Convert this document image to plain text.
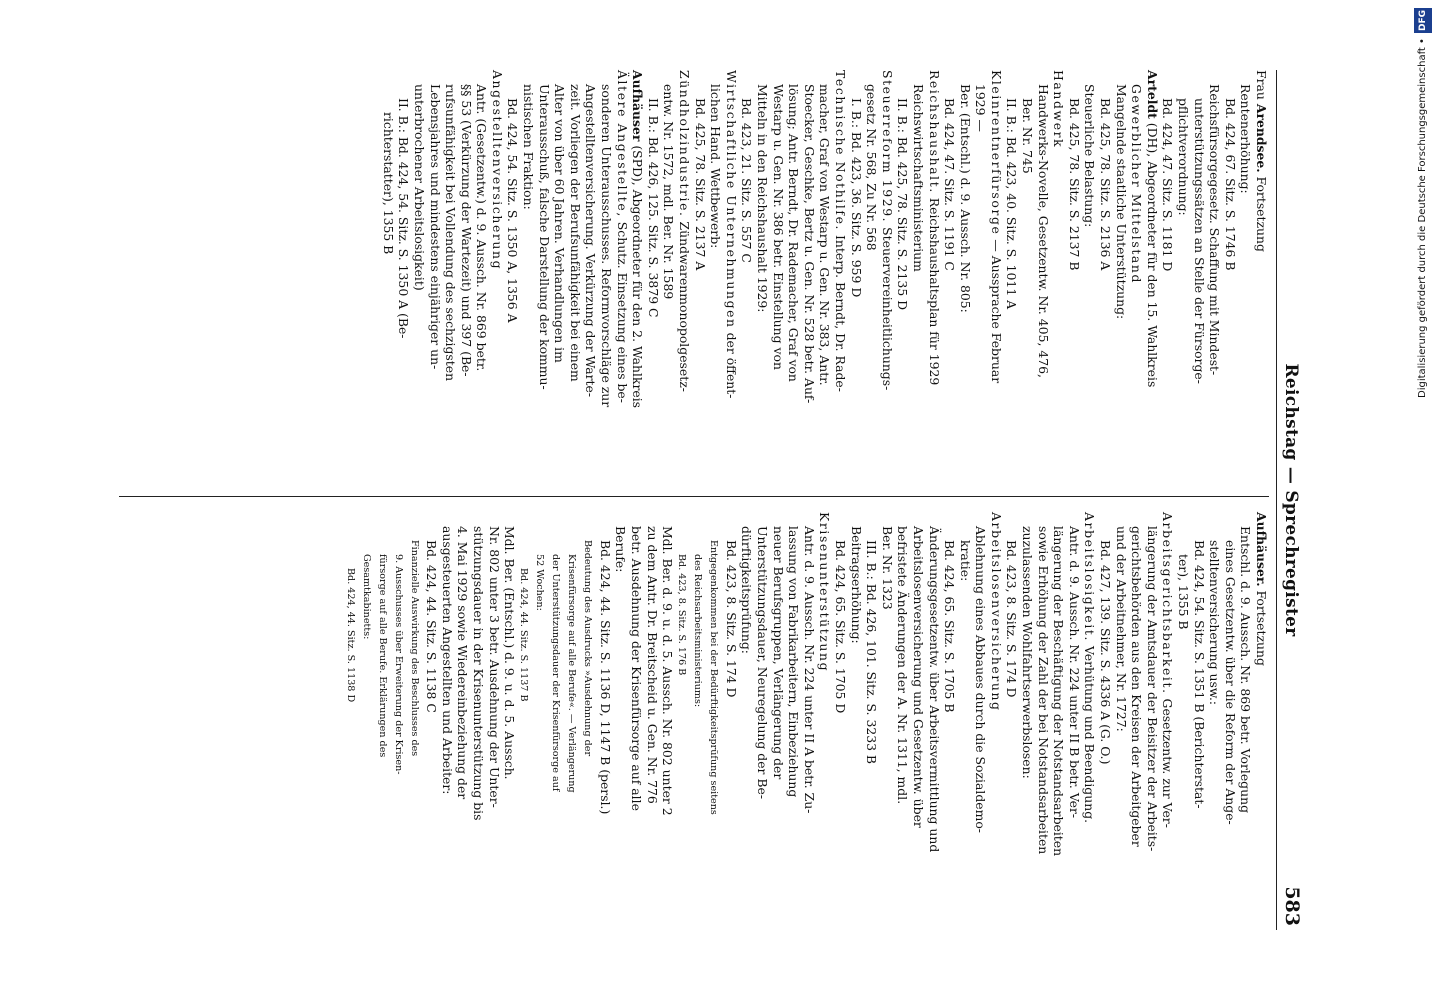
Reichstag — Sprechregister
583
Frau Arendsee. Fortsetzung
Rentenerhöhung:
Bd. 424, 67. Sitz. S. 1746 B
Reichsfürsorgegesetz. Schaffung mit Mindest-
unterstützungssätzen an Stelle der Fürsorge-
pflichtverordnung:
Bd. 424, 47. Sitz. S. 1181 D
Arteldt (DH), Abgeordneter für den 15. Wahlkreis
Gewerblicher Mittelstand
Mangelnde staatliche Unterstützung:
Bd. 425, 78. Sitz. S. 2136 A
Steuerliche Belastung:
Bd. 425, 78. Sitz. S. 2137 B
Handwerk
Handwerks-Novelle, Gesetzentw. Nr. 405, 476,
Ber. Nr. 745
II. B.: Bd. 423, 40. Sitz. S. 1011 A
Kleinrentnerfürsorge — Aussprache Februar
1929 —
Ber. (Entschl.) d. 9. Aussch. Nr. 805:
Bd. 424, 47. Sitz. S. 1191 C
Reichshaushalt. Reichshaushaltsplan für 1929
Reichswirtschaftsministerium
II. B.: Bd. 425, 78. Sitz. S. 2135 D
Steuerreform 1929. Steuervereinheitlichungs-
gesetz Nr. 568, Zu Nr. 568
I. B.: Bd. 423, 36. Sitz. S. 959 D
Technische Nothilfe. Interp. Berndt, Dr. Rade-
macher, Graf von Westarp u. Gen. Nr. 383, Antr.
Stoecker, Geschke, Bertz u. Gen. Nr. 528 betr. Auf-
lösung; Antr. Berndt, Dr. Rademacher, Graf von
Westarp u. Gen. Nr. 386 betr. Einstellung von
Mitteln in den Reichshaushalt 1929:
Bd. 423, 21. Sitz. S. 557 C
Wirtschaftliche Unternehmungen der öffent-
lichen Hand. Wettbewerb:
Bd. 425, 78. Sitz. S. 2137 A
Zündholzindustrie. Zündwarenmonopolgesetz-
entw. Nr. 1572, mdl. Ber. Nr. 1589
II. B.: Bd. 426, 125. Sitz. S. 3879 C
Aufhäuser (SPD), Abgeordneter für den 2. Wahlkreis
Ältere Angestellte, Schutz. Einsetzung eines be-
sonderen Unterausschusses. Reformvorschläge zur
Angestelltenversicherung. Verkürzung der Warte-
zeit. Vorliegen der Berufsunfähigkeit bei einem
Alter von über 60 Jahren. Verhandlungen im
Unterausschuß, falsche Darstellung der kommu-
nistischen Fraktion:
Bd. 424, 54. Sitz. S. 1350 A, 1356 A
Angestelltenversicherung
Antr. (Gesetzentw.) d. 9. Aussch. Nr. 869 betr.
§§ 53 (Verkürzung der Wartezeit) und 397 (Be-
rufsunfähigkeit bei Vollendung des sechzigsten
Lebensjahres und mindestens einjähriger un-
unterbrochener Arbeitslosigkeit)
II. B.: Bd. 424, 54. Sitz. S. 1350 A (Be-
richterstatter), 1355 B
Aufhäuser. Fortsetzung
Entschl. d. 9. Aussch. Nr. 869 betr. Vorlegung
eines Gesetzentw. über die Reform der Ange-
stelltenversicherung usw.:
Bd. 424, 54. Sitz. S. 1351 B (Berichterstat-
ter), 1355 B
Arbeitsgerichtsbarkeit. Gesetzentw. zur Ver-
längerung der Amtsdauer der Beisitzer der Arbeits-
gerichtsbehörden aus den Kreisen der Arbeitgeber
und der Arbeitnehmer, Nr. 1727:
Bd. 427, 139. Sitz. S. 4336 A (G. O.)
Arbeitslosigkeit. Verhütung und Beendigung.
Antr. d. 9. Aussch. Nr. 224 unter II B betr. Ver-
längerung der Beschäftigung der Notstandsarbeiten
sowie Erhöhung der Zahl der bei Notstandsarbeiten
zuzulassenden Wohlfahrtserwerbslosen:
Bd. 423, 8. Sitz. S. 174 D
Arbeitslosenversicherung
Ablehnung eines Abbaues durch die Sozialdemo-
kratie:
Bd. 424, 65. Sitz. S. 1705 B
Änderungsgesetzentw. über Arbeitsvermittlung und
Arbeitslosenversicherung und Gesetzentw. über
befristete Änderungen der A. Nr. 1311, mdl.
Ber. Nr. 1323
III. B.: Bd. 426, 101. Sitz. S. 3233 B
Beitragserhöhung:
Bd. 424, 65. Sitz. S. 1705 D
Krisenunterstützung
Antr. d. 9. Aussch. Nr. 224 unter II A betr. Zu-
lassung von Fabrikarbeitern, Einbeziehung
neuer Berufsgruppen, Verlängerung der
Unterstützungsdauer, Neuregelung der Be-
dürftigkeitsprüfung:
Bd. 423, 8. Sitz. S. 174 D
Entgegenkommen bei der Bedürftigkeitsprüfung seitens
des Reichsarbeitsministeriums:
Bd. 423, 8. Sitz. S. 176 B
Mdl. Ber. d. 9. u. d. 5. Aussch. Nr. 802 unter 2
zu dem Antr. Dr. Breitscheid u. Gen. Nr. 776
betr. Ausdehnung der Krisenfürsorge auf alle
Berufe:
Bd. 424, 44. Sitz. S. 1136 D, 1147 B (persl.)
Bedeutung des Ausdrucks »Ausdehnung der
Krisenfürsorge auf alle Berufe«. — Verlängerung
der Unterstützungsdauer der Krisenfürsorge auf
52 Wochen:
Bd. 424, 44. Sitz. S. 1137 B
Mdl. Ber. (Entschl.) d. 9. u. d. 5. Aussch.
Nr. 802 unter 3 betr. Ausdehnung der Unter-
stützungsdauer in der Krisenunterstützung bis
4. Mai 1929 sowie Wiedereinbeziehung der
ausgesteuerten Angestellten und Arbeiter:
Bd. 424, 44. Sitz. S. 1138 C
Finanzielle Auswirkung des Beschlusses des
9. Ausschusses über Erweiterung der Krisen-
fürsorge auf alle Berufe. Erklärungen des
Gesamtkabinetts:
Bd. 424, 44. Sitz. S. 1138 D
Digitalisierung gefördert durch die Deutsche Forschungsgemeinschaft • DFG
